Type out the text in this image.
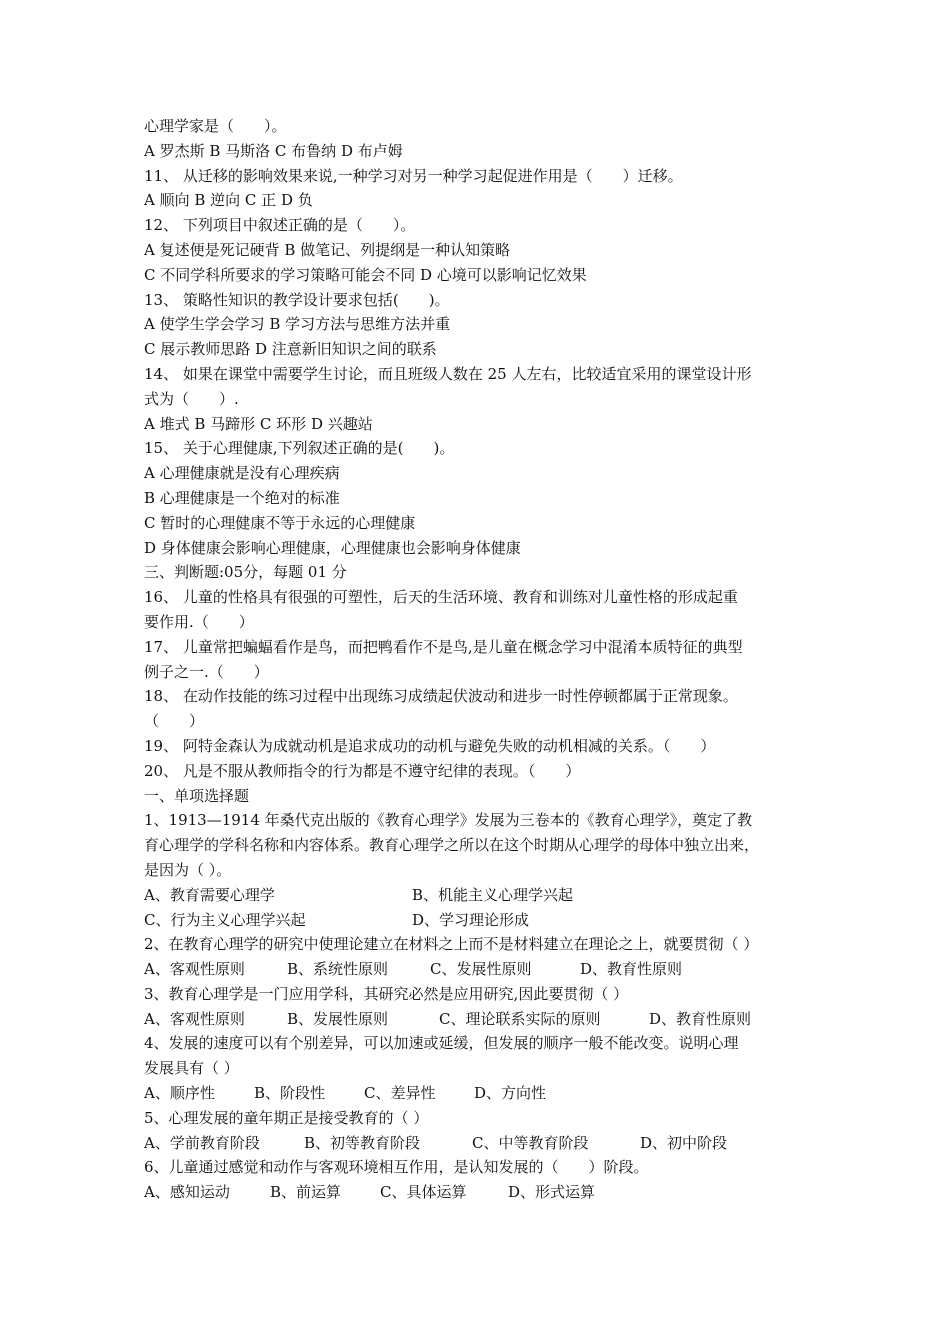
心理学家是（　　）。
A 罗杰斯 B 马斯洛 C 布鲁纳 D 布卢姆
11、 从迁移的影响效果来说,一种学习对另一种学习起促进作用是（　　）迁移。
A 顺向 B 逆向 C 正 D 负
12、 下列项目中叙述正确的是（　　）。
A 复述便是死记硬背 B 做笔记、列提纲是一种认知策略
C 不同学科所要求的学习策略可能会不同 D 心境可以影响记忆效果
13、 策略性知识的教学设计要求包括(　　)。
A 使学生学会学习 B 学习方法与思维方法并重
C 展示教师思路 D 注意新旧知识之间的联系
14、 如果在课堂中需要学生讨论，而且班级人数在 25 人左右，比较适宜采用的课堂设计形
式为（　　）.
A 堆式 B 马蹄形 C 环形 D 兴趣站
15、 关于心理健康,下列叙述正确的是(　　)。
A 心理健康就是没有心理疾病
B 心理健康是一个绝对的标准
C 暂时的心理健康不等于永远的心理健康
D 身体健康会影响心理健康，心理健康也会影响身体健康
三、判断题:05分，每题 01 分
16、 儿童的性格具有很强的可塑性，后天的生活环境、教育和训练对儿童性格的形成起重
要作用.（　　）
17、 儿童常把蝙蝠看作是鸟，而把鸭看作不是鸟,是儿童在概念学习中混淆本质特征的典型
例子之一.（　　）
18、 在动作技能的练习过程中出现练习成绩起伏波动和进步一时性停顿都属于正常现象。
（　　）
19、 阿特金森认为成就动机是追求成功的动机与避免失败的动机相减的关系。（　　）
20、 凡是不服从教师指令的行为都是不遵守纪律的表现。（　　）
一、单项选择题
1、1913—1914 年桑代克出版的《教育心理学》发展为三卷本的《教育心理学》，奠定了教
育心理学的学科名称和内容体系。教育心理学之所以在这个时期从心理学的母体中独立出来，
是因为（ ）。
A、教育需要心理学	B、机能主义心理学兴起
C、行为主义心理学兴起	D、学习理论形成
2、在教育心理学的研究中使理论建立在材料之上而不是材料建立在理论之上，就要贯彻（ ）
A、客观性原则	B、系统性原则	C、发展性原则	D、教育性原则
3、教育心理学是一门应用学科，其研究必然是应用研究,因此要贯彻（ ）
A、客观性原则	B、发展性原则	C、理论联系实际的原则	D、教育性原则
4、发展的速度可以有个别差异，可以加速或延缓，但发展的顺序一般不能改变。说明心理
发展具有（ ）
A、顺序性	B、阶段性	C、差异性	D、方向性
5、心理发展的童年期正是接受教育的（ ）
A、学前教育阶段	B、初等教育阶段	C、中等教育阶段	D、初中阶段
6、儿童通过感觉和动作与客观环境相互作用，是认知发展的（　　）阶段。
A、感知运动	B、前运算	C、具体运算	D、形式运算
